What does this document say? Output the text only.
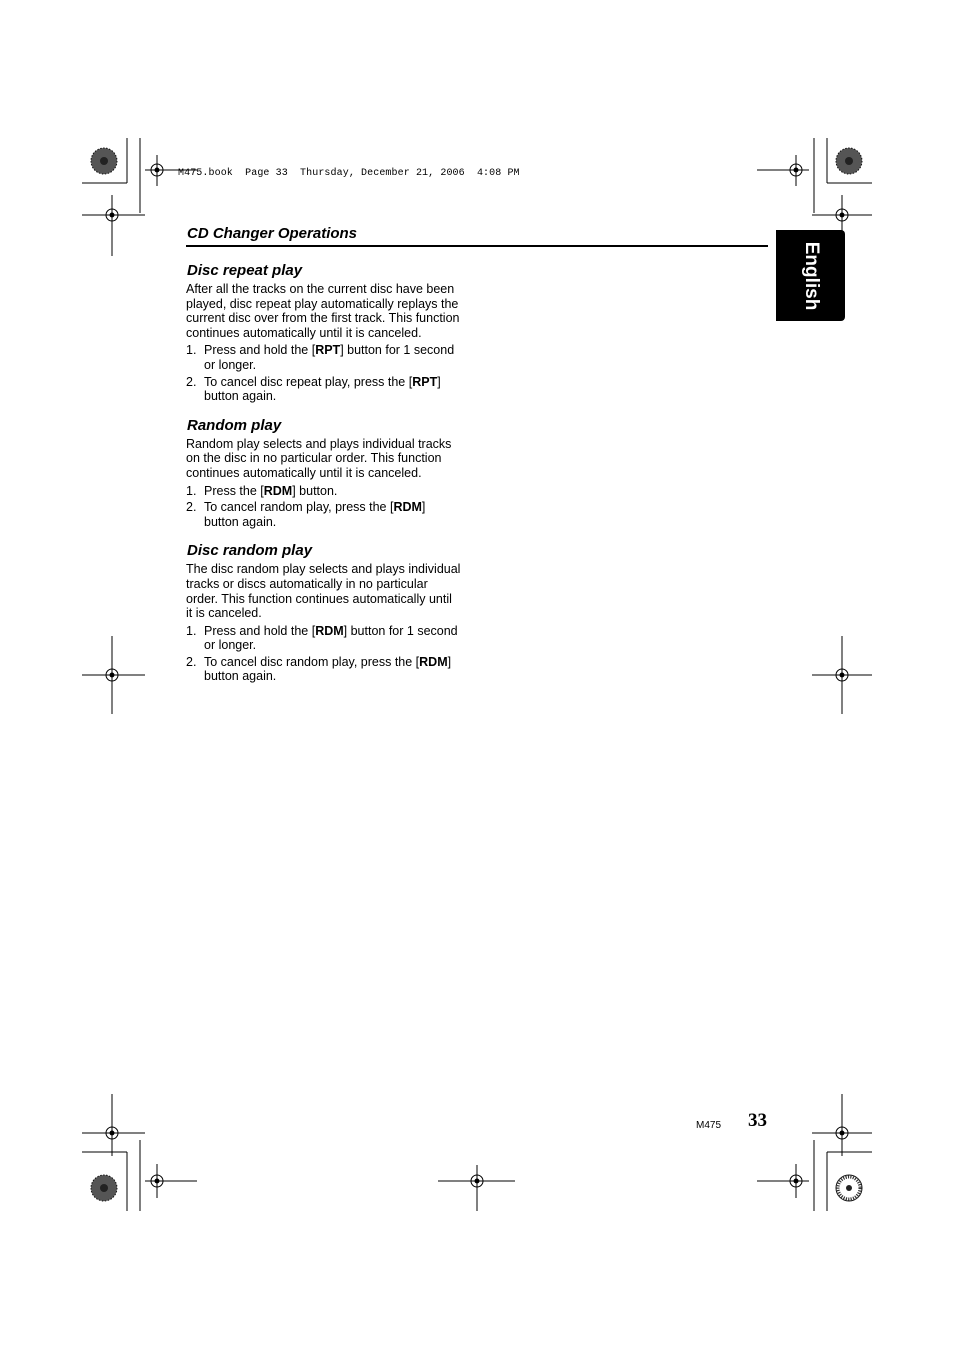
M475.book  Page 33  Thursday, December 21, 2006  4:08 PM
CD Changer Operations
English
Disc repeat play

After all the tracks on the current disc have been played, disc repeat play automatically replays the current disc over from the first track. This function continues automatically until it is canceled.

1. Press and hold the [RPT] button for 1 second or longer.
2. To cancel disc repeat play, press the [RPT] button again.
Random play

Random play selects and plays individual tracks on the disc in no particular order. This function continues automatically until it is canceled.

1. Press the [RDM] button.
2. To cancel random play, press the [RDM] button again.
Disc random play

The disc random play selects and plays individual tracks or discs automatically in no particular order. This function continues automatically until it is canceled.

1. Press and hold the [RDM] button for 1 second or longer.
2. To cancel disc random play, press the [RDM] button again.
M475 33
